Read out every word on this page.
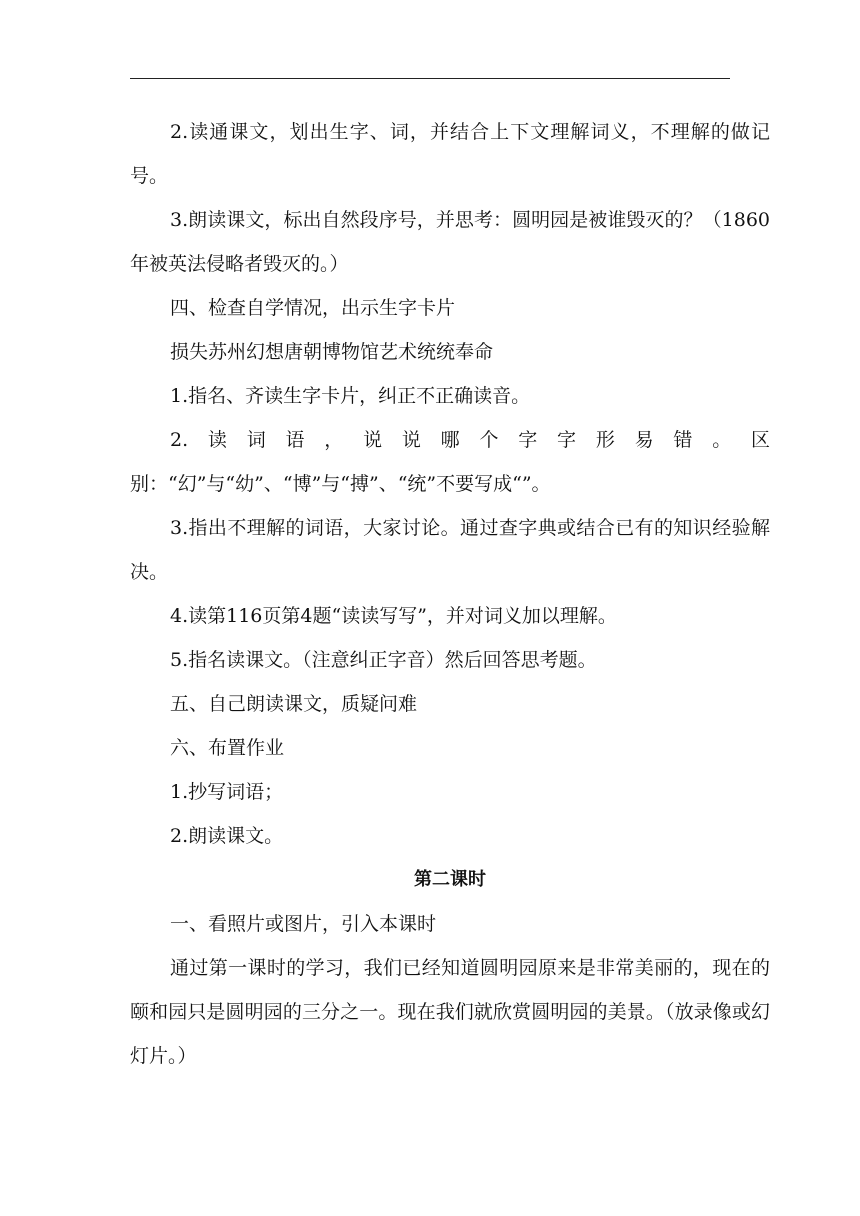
2.读通课文，划出生字、词，并结合上下文理解词义，不理解的做记号。

3.朗读课文，标出自然段序号，并思考：圆明园是被谁毁灭的？（1860年被英法侵略者毁灭的。）

四、检查自学情况，出示生字卡片

损失苏州幻想唐朝博物馆艺术统统奉命

1.指名、齐读生字卡片，纠正不正确读音。

2.读词语，说说哪个字字形易错。区别：“幻”与“幼”、“博”与“搏”、“统”不要写成“”。

3.指出不理解的词语，大家讨论。通过查字典或结合已有的知识经验解决。

4.读第116页第4题“读读写写”，并对词义加以理解。

5.指名读课文。（注意纠正字音）然后回答思考题。

五、自己朗读课文，质疑问难

六、布置作业

1.抄写词语；

2.朗读课文。

第二课时

一、看照片或图片，引入本课时

通过第一课时的学习，我们已经知道圆明园原来是非常美丽的，现在的颐和园只是圆明园的三分之一。现在我们就欣赏圆明园的美景。（放录像或幻灯片。）
